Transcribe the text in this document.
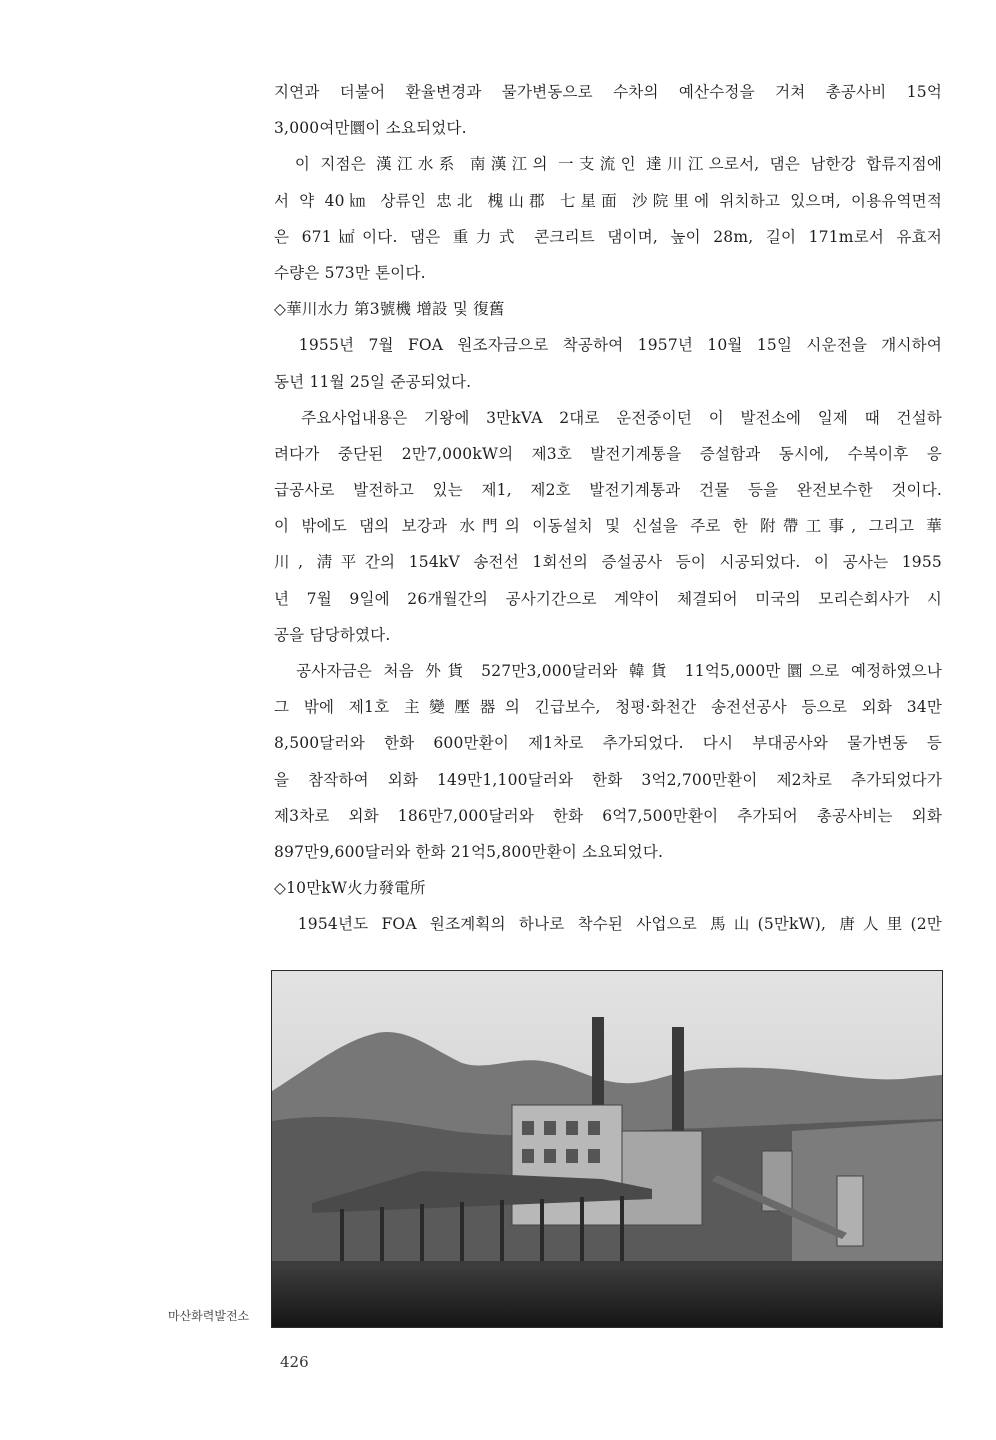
지연과 더불어 환율변경과 물가변동으로 수차의 예산수정을 거쳐 총공사비 15억
3,000여만圜이 소요되었다.
　이 지점은 漢江水系 南漢江의 一支流인 達川江으로서, 댐은 남한강 합류지점에
서 약 40㎞ 상류인 忠北 槐山郡 七星面 沙院里에 위치하고 있으며, 이용유역면적
은 671㎢이다. 댐은 重力式 콘크리트 댐이며, 높이 28m, 길이 171m로서 유효저
수량은 573만 톤이다.
◇華川水力 第3號機 增設 및 復舊
　1955년 7월 FOA 원조자금으로 착공하여 1957년 10월 15일 시운전을 개시하여
동년 11월 25일 준공되었다.
　주요사업내용은 기왕에 3만kVA 2대로 운전중이던 이 발전소에 일제 때 건설하
려다가 중단된 2만7,000kW의 제3호 발전기계통을 증설함과 동시에, 수복이후 응
급공사로 발전하고 있는 제1, 제2호 발전기계통과 건물 등을 완전보수한 것이다.
이 밖에도 댐의 보강과 水門의 이동설치 및 신설을 주로 한 附帶工事, 그리고 華
川, 淸平간의 154kV 송전선 1회선의 증설공사 등이 시공되었다. 이 공사는 1955
년 7월 9일에 26개월간의 공사기간으로 계약이 체결되어 미국의 모리슨회사가 시
공을 담당하였다.
　공사자금은 처음 外貨 527만3,000달러와 韓貨 11억5,000만圜으로 예정하였으나
그 밖에 제1호 主變壓器의 긴급보수, 청평·화천간 송전선공사 등으로 외화 34만
8,500달러와 한화 600만환이 제1차로 추가되었다. 다시 부대공사와 물가변동 등
을 참작하여 외화 149만1,100달러와 한화 3억2,700만환이 제2차로 추가되었다가
제3차로 외화 186만7,000달러와 한화 6억7,500만환이 추가되어 총공사비는 외화
897만9,600달러와 한화 21억5,800만환이 소요되었다.
◇10만kW火力發電所
　1954년도 FOA 원조계획의 하나로 착수된 사업으로 馬山(5만kW), 唐人里(2만
마산화력발전소
426
